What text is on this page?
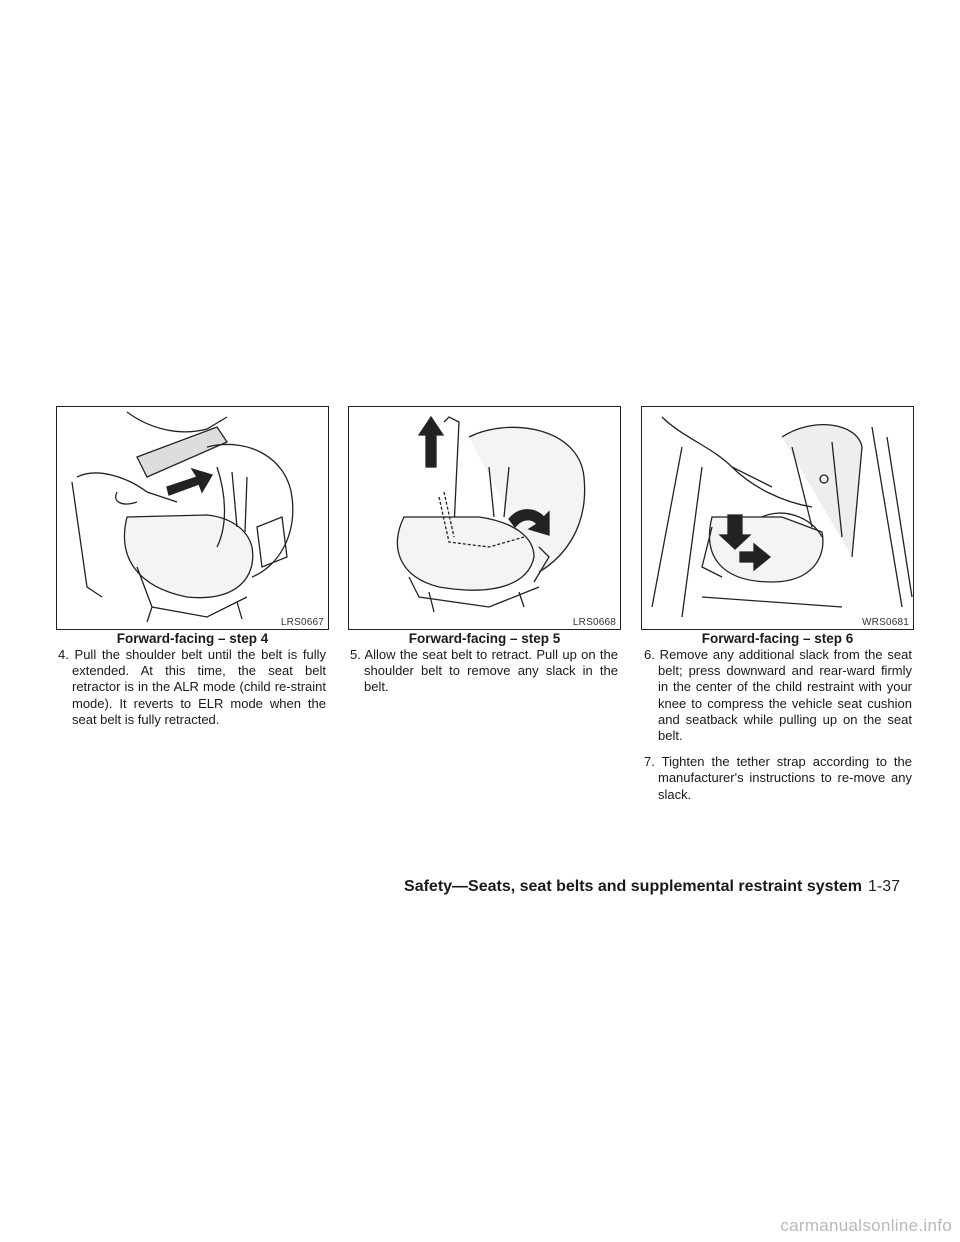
LRS0667	LRS0668	WRS0681
Forward-facing – step 4	Forward-facing – step 5	Forward-facing – step 6

4. Pull the shoulder belt until the belt is fully extended. At this time, the seat belt retractor is in the ALR mode (child re-straint mode). It reverts to ELR mode when the seat belt is fully retracted.

5. Allow the seat belt to retract. Pull up on the shoulder belt to remove any slack in the belt.

6. Remove any additional slack from the seat belt; press downward and rear-ward firmly in the center of the child restraint with your knee to compress the vehicle seat cushion and seatback while pulling up on the seat belt.

7. Tighten the tether strap according to the manufacturer's instructions to re-move any slack.

Safety—Seats, seat belts and supplemental restraint system 1-37
carmanualsonline.info
